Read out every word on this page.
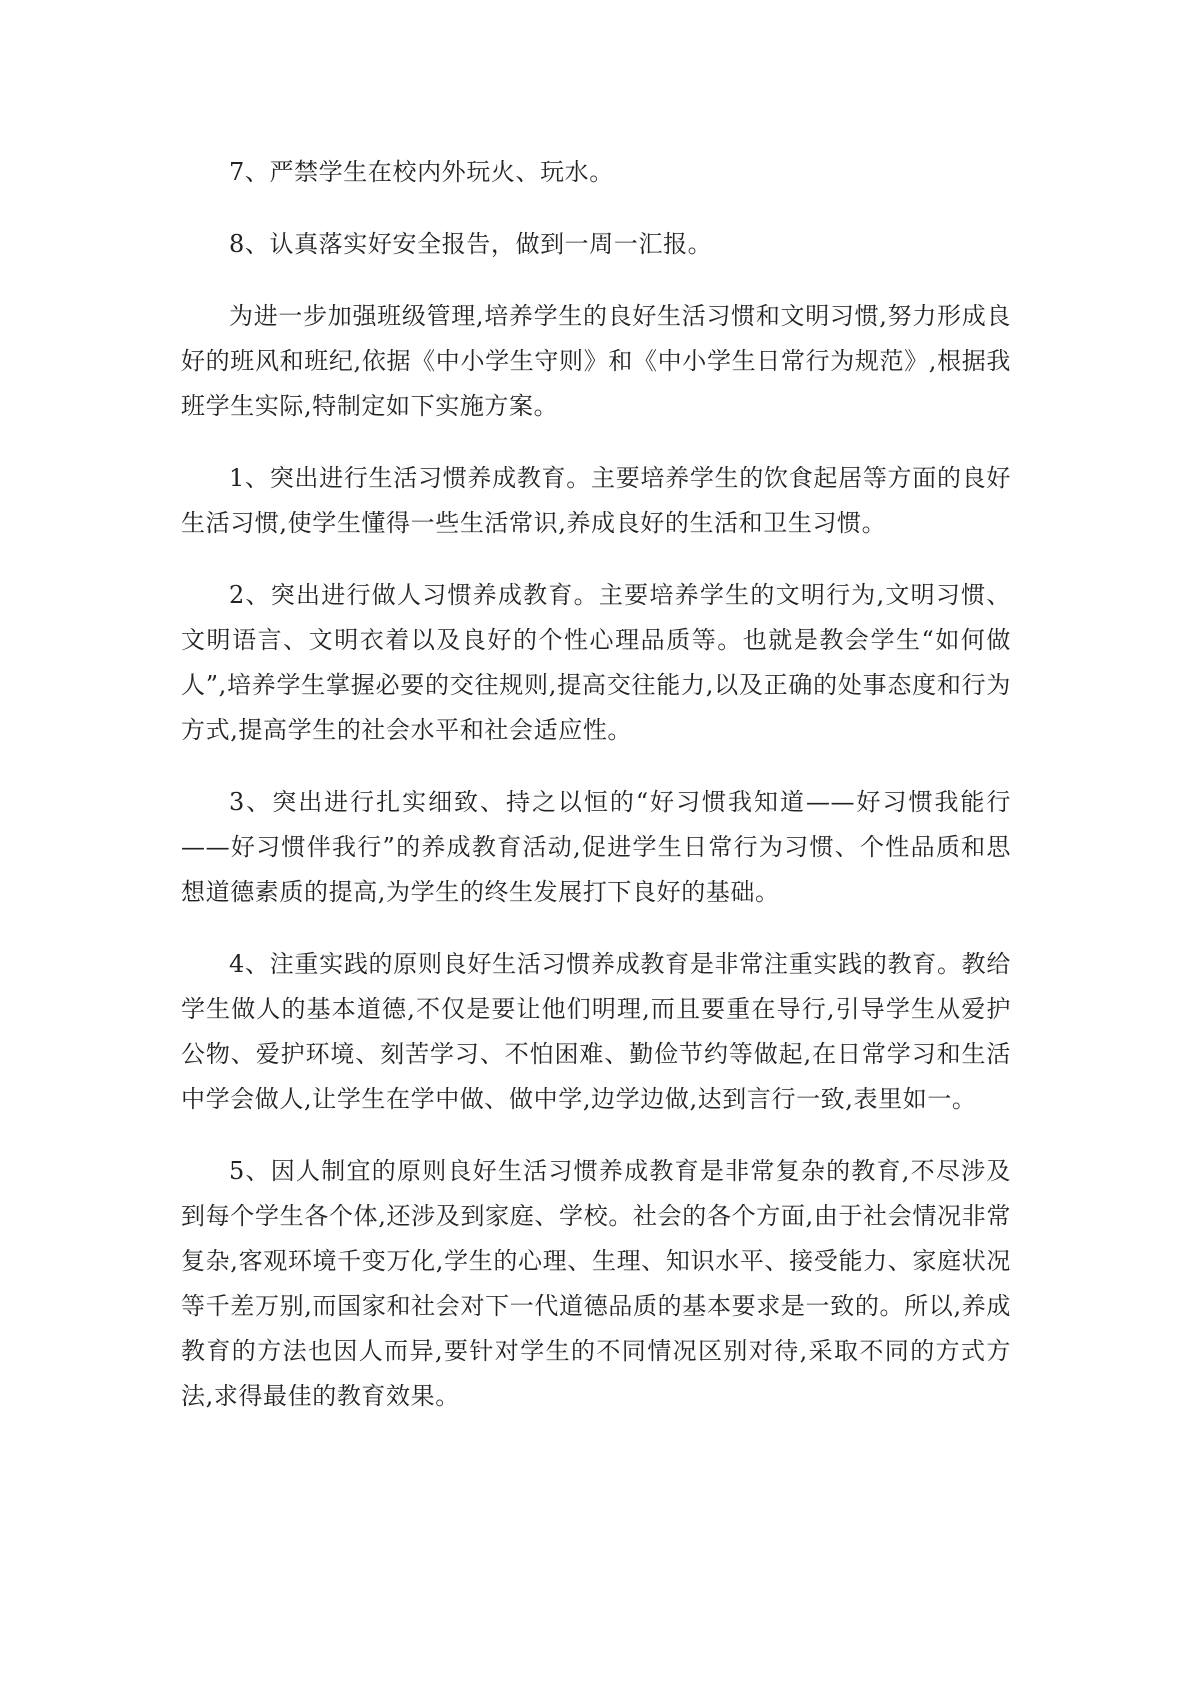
7、严禁学生在校内外玩火、玩水。

8、认真落实好安全报告，做到一周一汇报。

为进一步加强班级管理,培养学生的良好生活习惯和文明习惯,努力形成良好的班风和班纪,依据《中小学生守则》和《中小学生日常行为规范》,根据我班学生实际,特制定如下实施方案。

1、突出进行生活习惯养成教育。主要培养学生的饮食起居等方面的良好生活习惯,使学生懂得一些生活常识,养成良好的生活和卫生习惯。

2、突出进行做人习惯养成教育。主要培养学生的文明行为,文明习惯、文明语言、文明衣着以及良好的个性心理品质等。也就是教会学生“如何做人”,培养学生掌握必要的交往规则,提高交往能力,以及正确的处事态度和行为方式,提高学生的社会水平和社会适应性。

3、突出进行扎实细致、持之以恒的“好习惯我知道——好习惯我能行——好习惯伴我行”的养成教育活动,促进学生日常行为习惯、个性品质和思想道德素质的提高,为学生的终生发展打下良好的基础。

4、注重实践的原则良好生活习惯养成教育是非常注重实践的教育。教给学生做人的基本道德,不仅是要让他们明理,而且要重在导行,引导学生从爱护公物、爱护环境、刻苦学习、不怕困难、勤俭节约等做起,在日常学习和生活中学会做人,让学生在学中做、做中学,边学边做,达到言行一致,表里如一。

5、因人制宜的原则良好生活习惯养成教育是非常复杂的教育,不尽涉及到每个学生各个体,还涉及到家庭、学校。社会的各个方面,由于社会情况非常复杂,客观环境千变万化,学生的心理、生理、知识水平、接受能力、家庭状况等千差万别,而国家和社会对下一代道德品质的基本要求是一致的。所以,养成教育的方法也因人而异,要针对学生的不同情况区别对待,采取不同的方式方法,求得最佳的教育效果。
